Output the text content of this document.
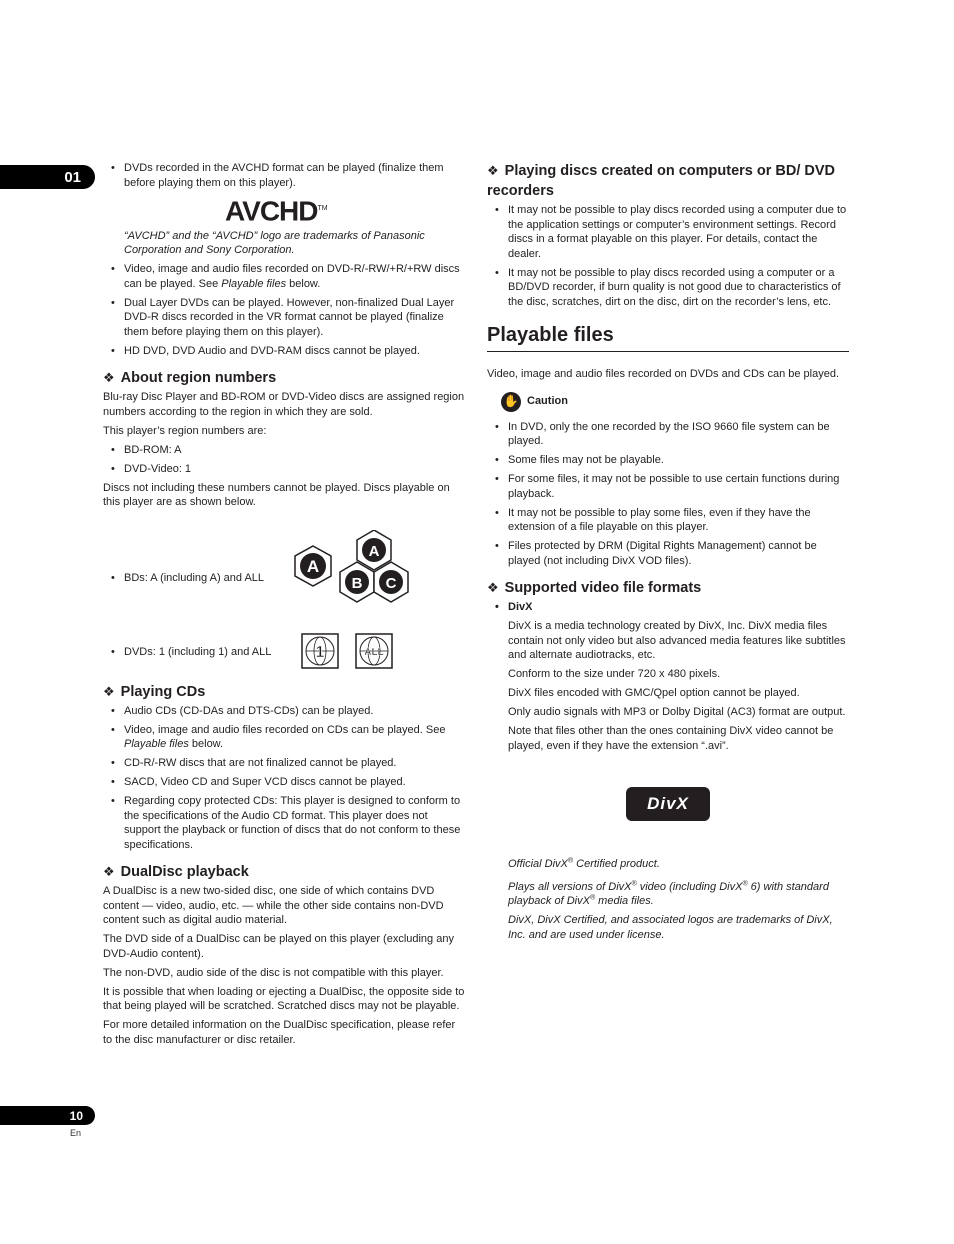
01
• DVDs recorded in the AVCHD format can be played (finalize them before playing them on this player).
AVCHD™

“AVCHD” and the “AVCHD” logo are trademarks of Panasonic Corporation and Sony Corporation.

• Video, image and audio files recorded on DVD-R/-RW/+R/+RW discs can be played. See Playable files below.
• Dual Layer DVDs can be played. However, non-finalized Dual Layer DVD-R discs recorded in the VR format cannot be played (finalize them before playing them on this player).
• HD DVD, DVD Audio and DVD-RAM discs cannot be played.
❖ About region numbers

Blu-ray Disc Player and BD-ROM or DVD-Video discs are assigned region numbers according to the region in which they are sold.

This player’s region numbers are:

• BD-ROM: A
• DVD-Video: 1

Discs not including these numbers cannot be played. Discs playable on this player are as shown below.

• BDs: A (including A) and ALL
A
A
B C
• DVDs: 1 (including 1) and ALL	1	ALL
❖ Playing CDs
• Audio CDs (CD-DAs and DTS-CDs) can be played.
• Video, image and audio files recorded on CDs can be played. See Playable files below.
• CD-R/-RW discs that are not finalized cannot be played.
• SACD, Video CD and Super VCD discs cannot be played.
• Regarding copy protected CDs: This player is designed to conform to the specifications of the Audio CD format. This player does not support the playback or function of discs that do not conform to these specifications.
❖ DualDisc playback

A DualDisc is a new two-sided disc, one side of which contains DVD content — video, audio, etc. — while the other side contains non-DVD content such as digital audio material.

The DVD side of a DualDisc can be played on this player (excluding any DVD-Audio content).

The non-DVD, audio side of the disc is not compatible with this player.

It is possible that when loading or ejecting a DualDisc, the opposite side to that being played will be scratched. Scratched discs may not be playable.

For more detailed information on the DualDisc specification, please refer to the disc manufacturer or disc retailer.

❖ Playing discs created on computers or BD/ DVD recorders
• It may not be possible to play discs recorded using a computer due to the application settings or computer’s environment settings. Record discs in a format playable on this player. For details, contact the dealer.
• It may not be possible to play discs recorded using a computer or a BD/DVD recorder, if burn quality is not good due to characteristics of the disc, scratches, dirt on the disc, dirt on the recorder’s lens, etc.
Playable files

Video, image and audio files recorded on DVDs and CDs can be played.

✋ Caution
• In DVD, only the one recorded by the ISO 9660 file system can be played.
• Some files may not be playable.
• For some files, it may not be possible to use certain functions during playback.
• It may not be possible to play some files, even if they have the extension of a file playable on this player.
• Files protected by DRM (Digital Rights Management) cannot be played (not including DivX VOD files).
❖ Supported video file formats
• DivX

DivX is a media technology created by DivX, Inc. DivX media files contain not only video but also advanced media features like subtitles and alternate audiotracks, etc.

Conform to the size under 720 x 480 pixels.

DivX files encoded with GMC/Qpel option cannot be played.

Only audio signals with MP3 or Dolby Digital (AC3) format are output.

Note that files other than the ones containing DivX video cannot be played, even if they have the extension “.avi”.

DivX

Official DivX® Certified product.

Plays all versions of DivX® video (including DivX® 6) with standard playback of DivX® media files.

DivX, DivX Certified, and associated logos are trademarks of DivX, Inc. and are used under license.

10
En
